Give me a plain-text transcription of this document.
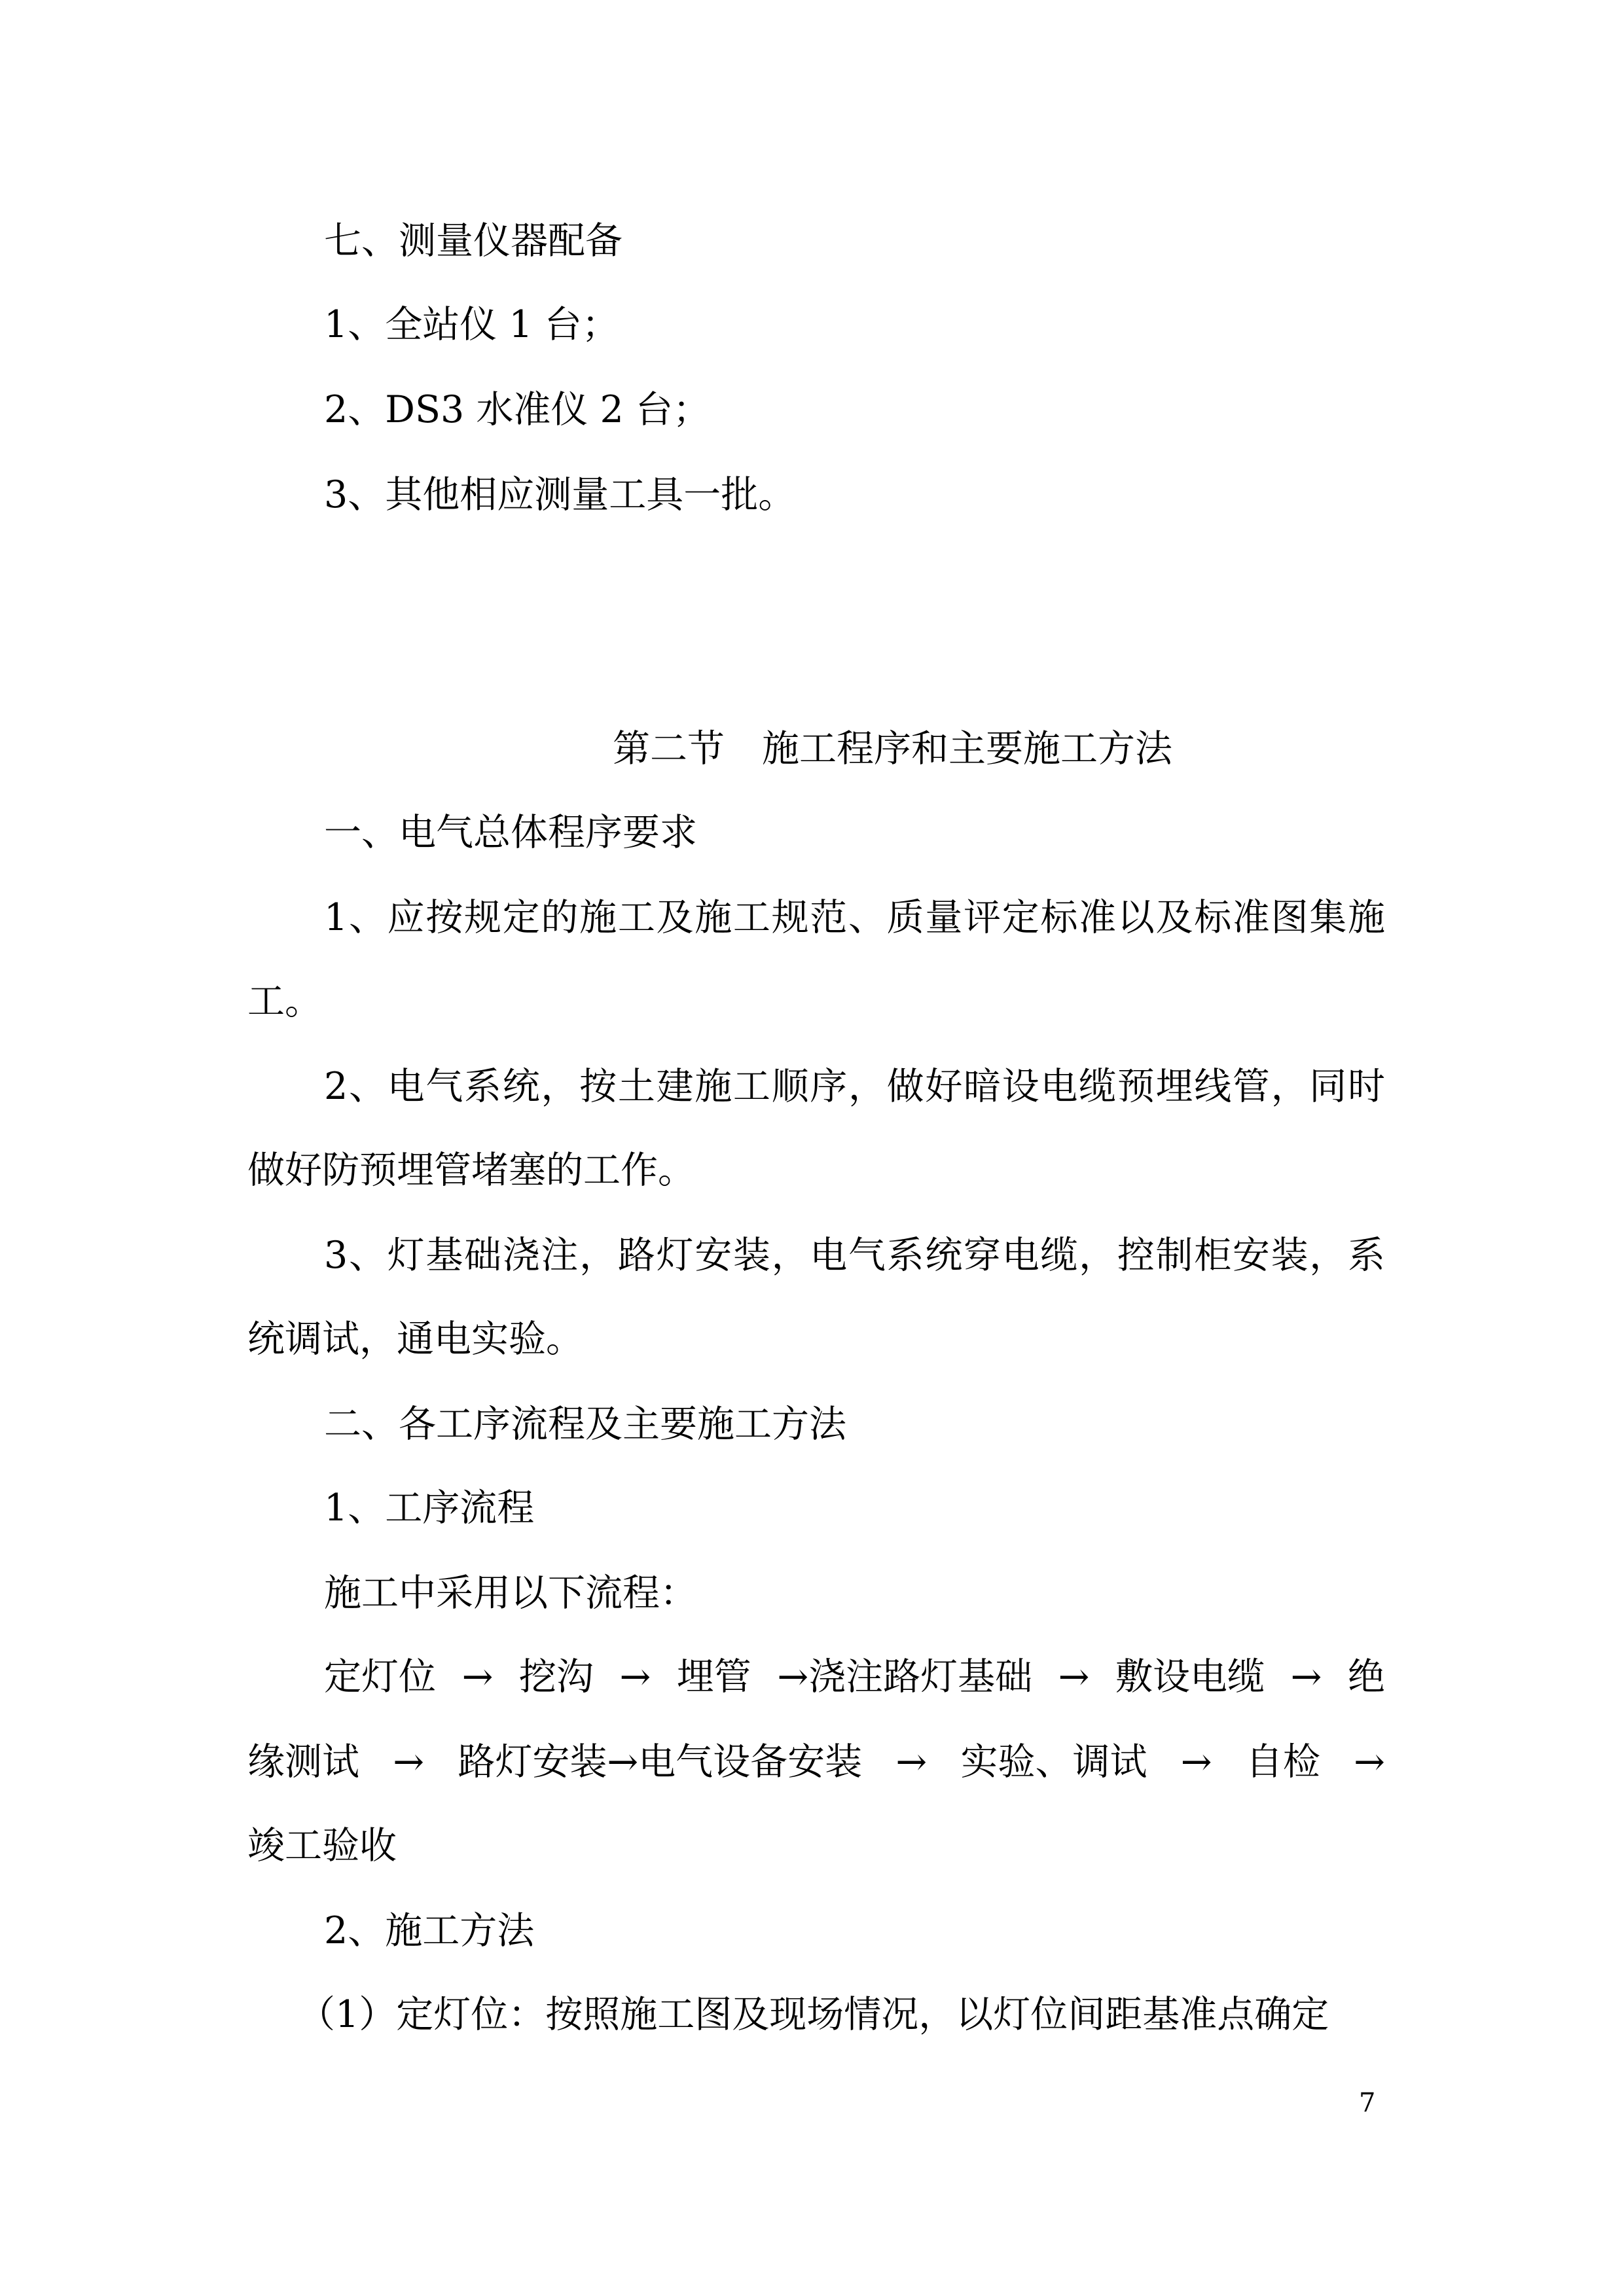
七、测量仪器配备

1、全站仪 1 台；

2、DS3 水准仪 2 台；

3、其他相应测量工具一批。

第二节　施工程序和主要施工方法

一、电气总体程序要求

1、应按规定的施工及施工规范、质量评定标准以及标准图集施

工。

2、电气系统，按土建施工顺序，做好暗设电缆预埋线管，同时

做好防预埋管堵塞的工作。

3、灯基础浇注，路灯安装，电气系统穿电缆，控制柜安装，系

统调试，通电实验。

二、各工序流程及主要施工方法

1、工序流程

施工中采用以下流程：

定灯位 → 挖沟 → 埋管 →浇注路灯基础 → 敷设电缆 → 绝
缘测试 → 路灯安装→电气设备安装 → 实验、调试 → 自检 →

竣工验收

2、施工方法

（1）定灯位：按照施工图及现场情况，以灯位间距基准点确定

7
